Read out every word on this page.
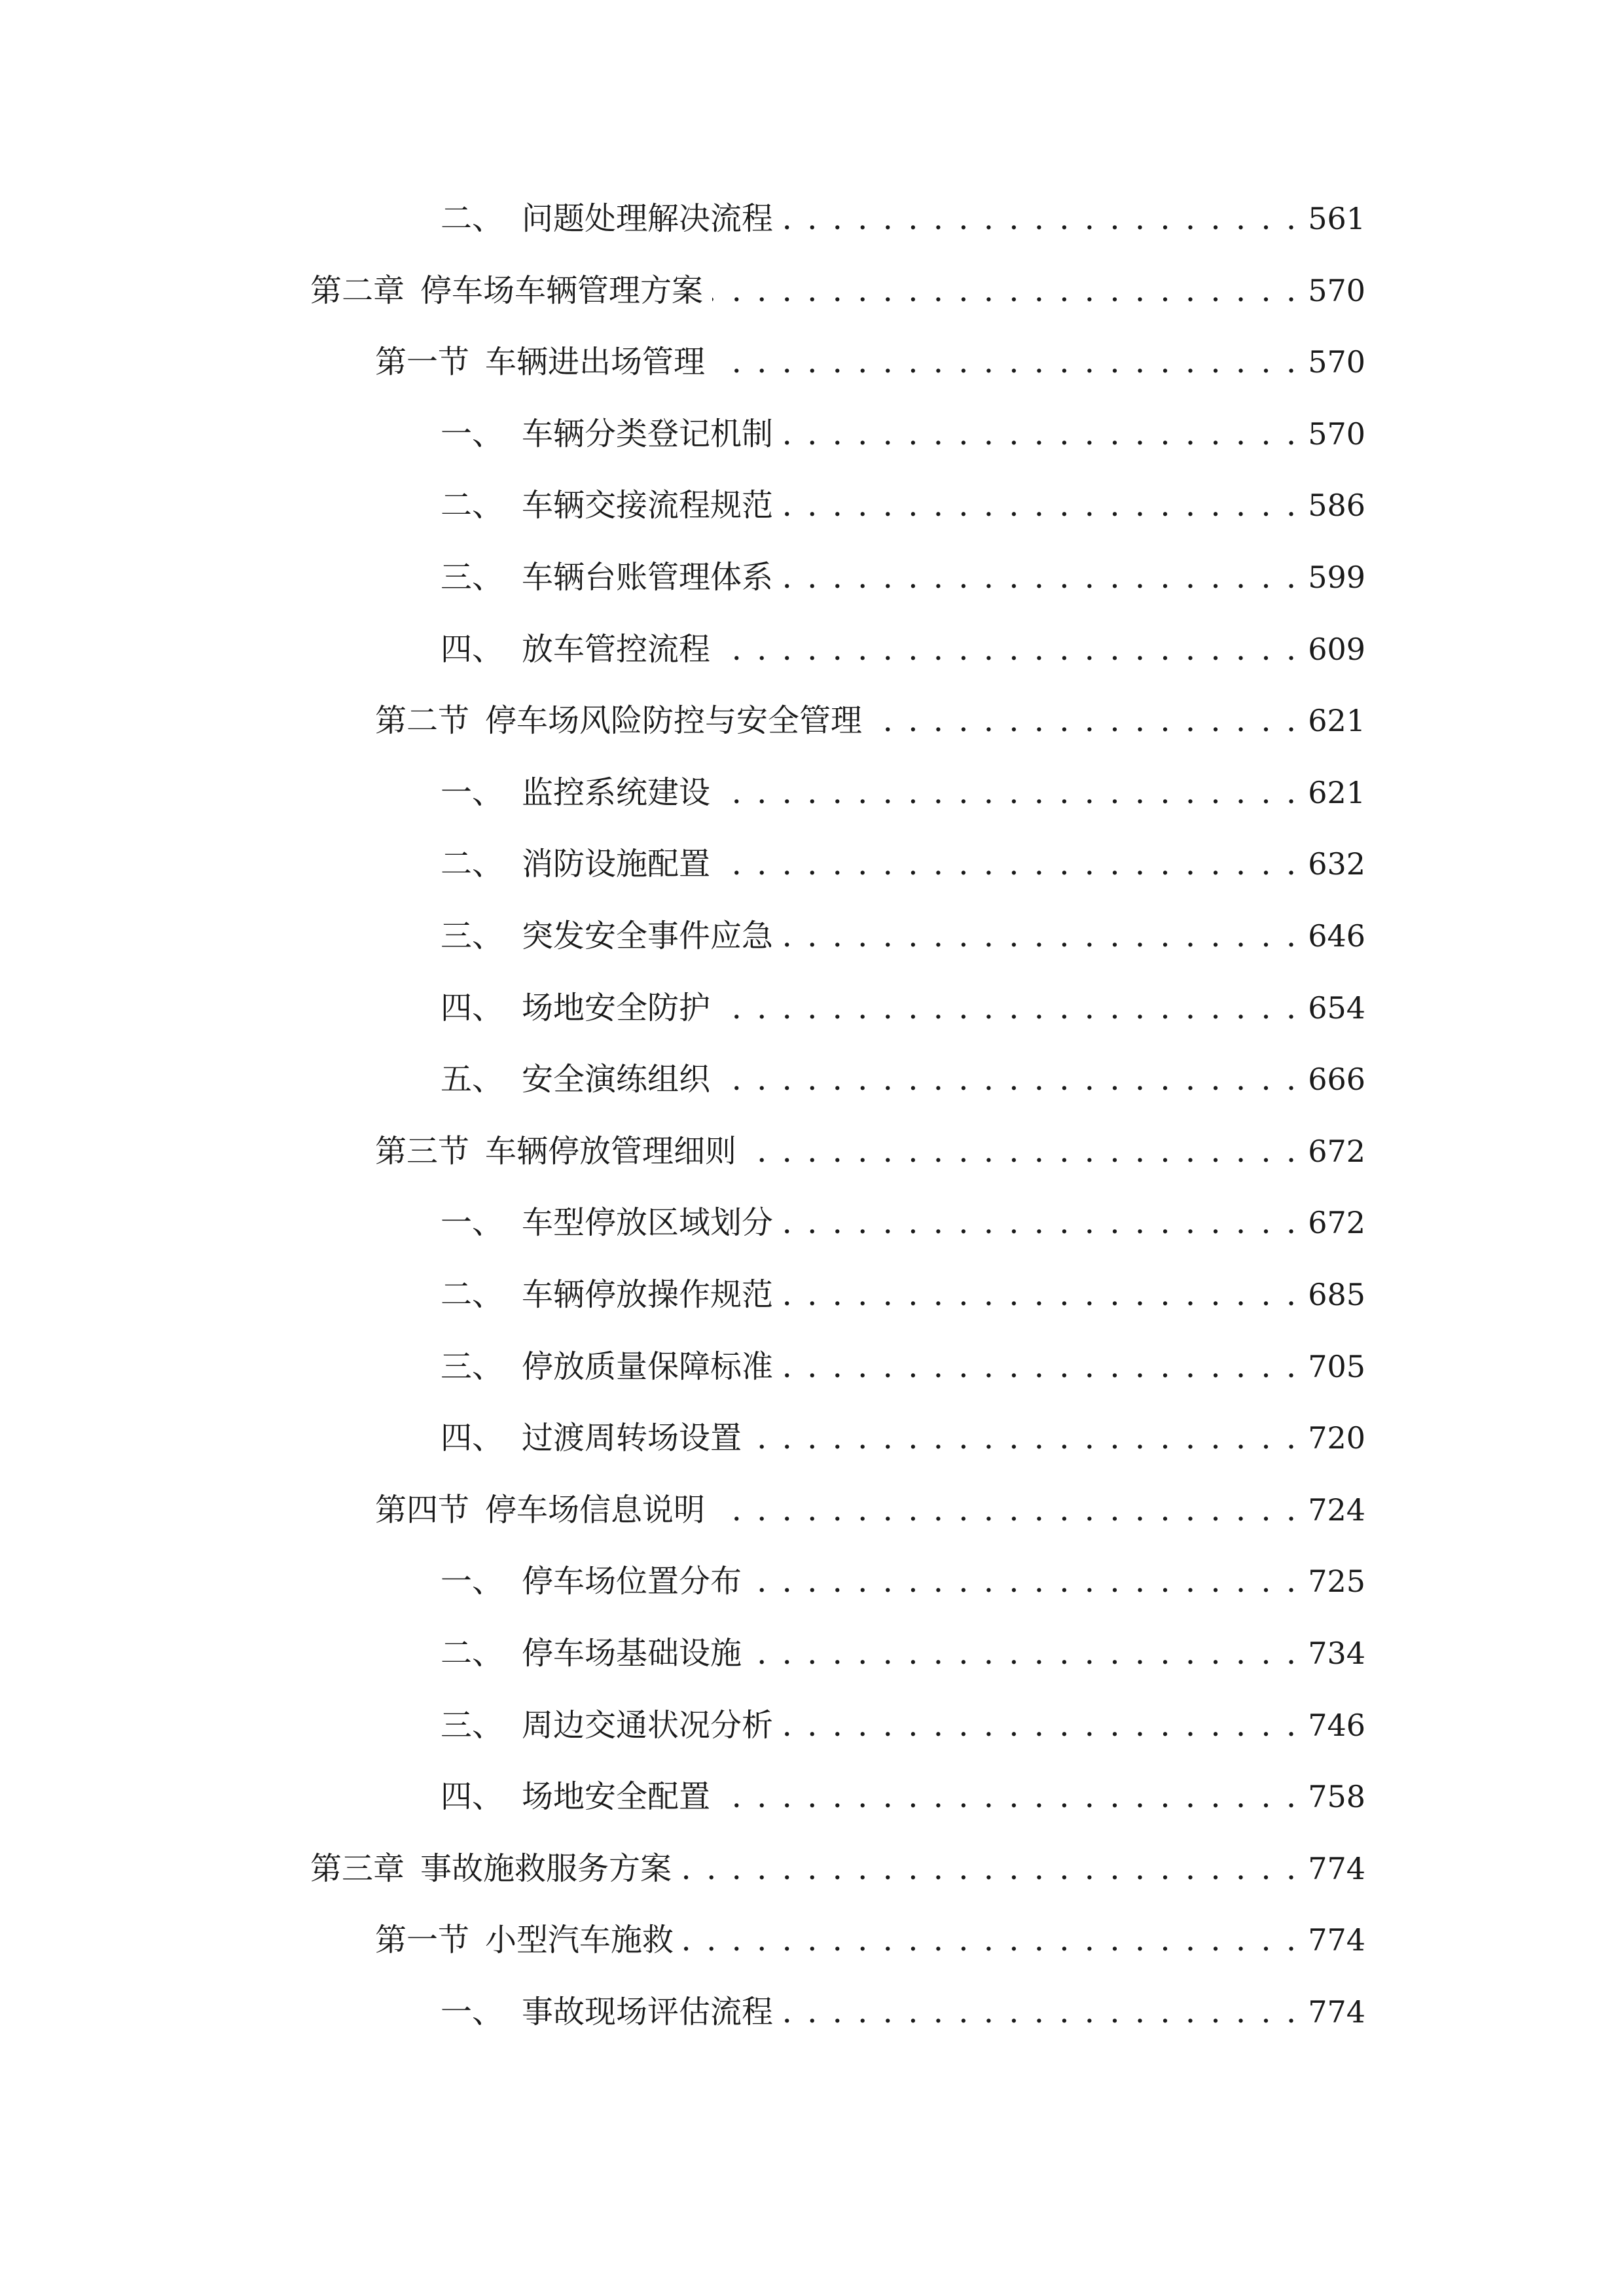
二、 问题处理解决流程 . . .	561
第二章 停车场车辆管理方案 . . .	570
第一节 车辆进出场管理 . . .	570
一、 车辆分类登记机制 . . .	570
二、 车辆交接流程规范 . . .	586
三、 车辆台账管理体系 . . .	599
四、 放车管控流程 . . .	609
第二节 停车场风险防控与安全管理 . . .	621
一、 监控系统建设 . . .	621
二、 消防设施配置 . . .	632
三、 突发安全事件应急 . . .	646
四、 场地安全防护 . . .	654
五、 安全演练组织 . . .	666
第三节 车辆停放管理细则 . . .	672
一、 车型停放区域划分 . . .	672
二、 车辆停放操作规范 . . .	685
三、 停放质量保障标准 . . .	705
四、 过渡周转场设置 . . .	720
第四节 停车场信息说明 . . .	724
一、 停车场位置分布 . . .	725
二、 停车场基础设施 . . .	734
三、 周边交通状况分析 . . .	746
四、 场地安全配置 . . .	758
第三章 事故施救服务方案 . . .	774
第一节 小型汽车施救 . . .	774
一、 事故现场评估流程 . . .	774
